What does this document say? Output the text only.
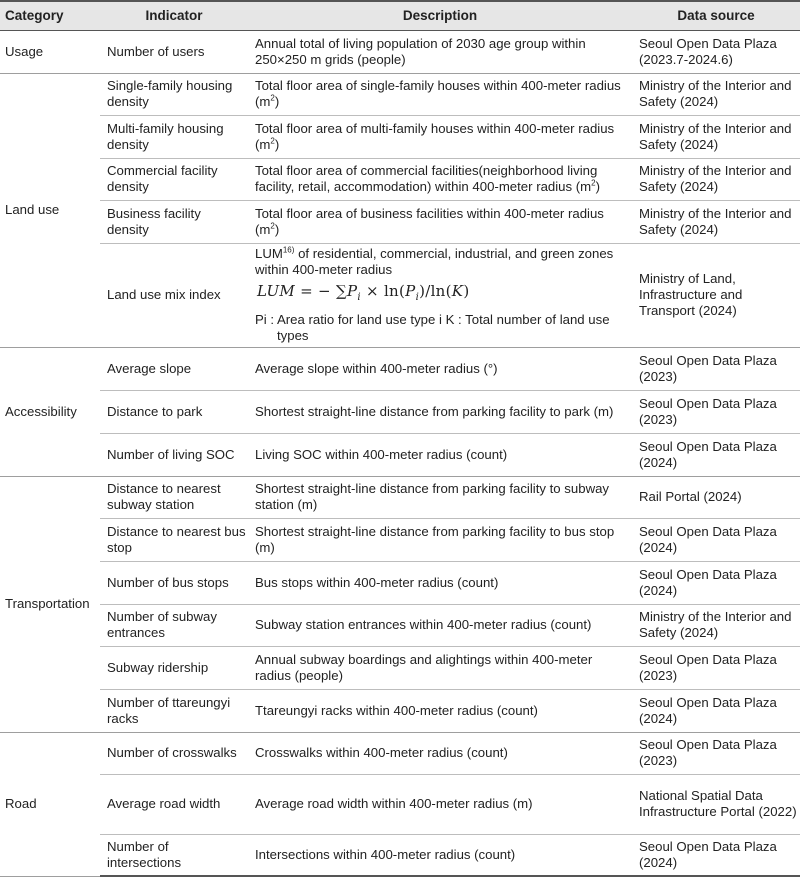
Category	Indicator	Description	Data source
Usage	Number of users	Annual total of living population of 2030 age group within 250×250 m grids (people)	Seoul Open Data Plaza (2023.7-2024.6)
Land use	Single-family housing density	Total floor area of single-family houses within 400-meter radius $(m^2)$	Ministry of the Interior and Safety (2024)
	Multi-family housing density	Total floor area of multi-family houses within 400-meter radius $(m^2)$	Ministry of the Interior and Safety (2024)
	Commercial facility density	Total floor area of commercial facilities(neighborhood living facility, retail, accommodation) within 400-meter radius $(m^2)$	Ministry of the Interior and Safety (2024)
	Business facility density	Total floor area of business facilities within 400-meter radius $(m^2)$	Ministry of the Interior and Safety (2024)
	Land use mix index	LUM$^{16)}$ of residential, commercial, industrial, and green zones within 400-meter radius
LUM = − $\sum P_i \times \ln(P_i)/\ln(K)$
Pi : Area ratio for land use type i K : Total number of land use types	Ministry of Land, Infrastructure and Transport (2024)
Accessibility	Average slope	Average slope within 400-meter radius (°)	Seoul Open Data Plaza (2023)
	Distance to park	Shortest straight-line distance from parking facility to park (m)	Seoul Open Data Plaza (2023)
	Number of living SOC	Living SOC within 400-meter radius (count)	Seoul Open Data Plaza (2024)
Transportation	Distance to nearest subway station	Shortest straight-line distance from parking facility to subway station (m)	Rail Portal (2024)
	Distance to nearest bus stop	Shortest straight-line distance from parking facility to bus stop (m)	Seoul Open Data Plaza (2024)
	Number of bus stops	Bus stops within 400-meter radius (count)	Seoul Open Data Plaza (2024)
	Number of subway entrances	Subway station entrances within 400-meter radius (count)	Ministry of the Interior and Safety (2024)
	Subway ridership	Annual subway boardings and alightings within 400-meter radius (people)	Seoul Open Data Plaza (2023)
	Number of ttareungyi racks	Ttareungyi racks within 400-meter radius (count)	Seoul Open Data Plaza (2024)
Road	Number of crosswalks	Crosswalks within 400-meter radius (count)	Seoul Open Data Plaza (2023)
	Average road width	Average road width within 400-meter radius (m)	National Spatial Data Infrastructure Portal (2022)
	Number of intersections	Intersections within 400-meter radius (count)	Seoul Open Data Plaza (2024)
